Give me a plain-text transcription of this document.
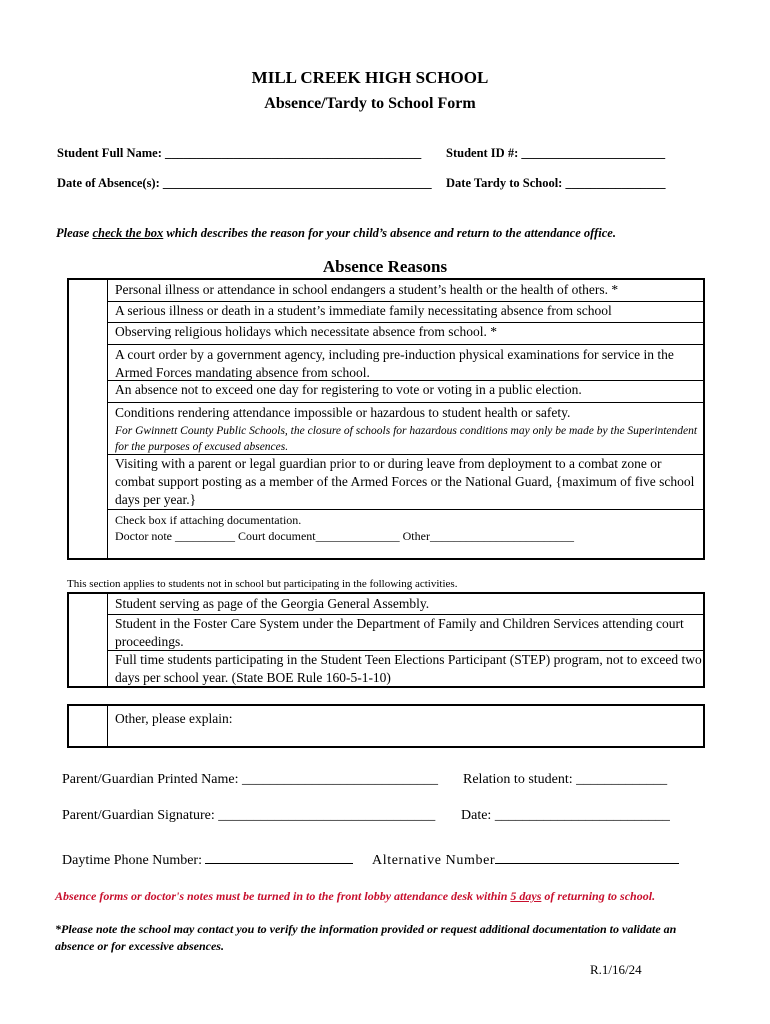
MILL CREEK HIGH SCHOOL
Absence/Tardy to School Form
Student Full Name: _________________________________________ Student ID #: _______________________
Date of Absence(s): ___________________________________________ Date Tardy to School: ________________
Please check the box which describes the reason for your child’s absence and return to the attendance office.
Absence Reasons
Personal illness or attendance in school endangers a student’s health or the health of others. *
A serious illness or death in a student’s immediate family necessitating absence from school
Observing religious holidays which necessitate absence from school. *
A court order by a government agency, including pre-induction physical examinations for service in the Armed Forces mandating absence from school.
An absence not to exceed one day for registering to vote or voting in a public election.
Conditions rendering attendance impossible or hazardous to student health or safety.
For Gwinnett County Public Schools, the closure of schools for hazardous conditions may only be made by the Superintendent for the purposes of excused absences.
Visiting with a parent or legal guardian prior to or during leave from deployment to a combat zone or combat support posting as a member of the Armed Forces or the National Guard, {maximum of five school days per year.}
Check box if attaching documentation.
Doctor note __________ Court document______________ Other________________________
This section applies to students not in school but participating in the following activities.
Student serving as page of the Georgia General Assembly.
Student in the Foster Care System under the Department of Family and Children Services attending court proceedings.
Full time students participating in the Student Teen Elections Participant (STEP) program, not to exceed two days per school year. (State BOE Rule 160-5-1-10)
Other, please explain:
Parent/Guardian Printed Name: ____________________________ Relation to student: _____________
Parent/Guardian Signature: _______________________________ Date: _________________________
Daytime Phone Number:	Alternative Number
Absence forms or doctor's notes must be turned in to the front lobby attendance desk within 5 days of returning to school.
*Please note the school may contact you to verify the information provided or request additional documentation to validate an absence or for excessive absences.
R.1/16/24
